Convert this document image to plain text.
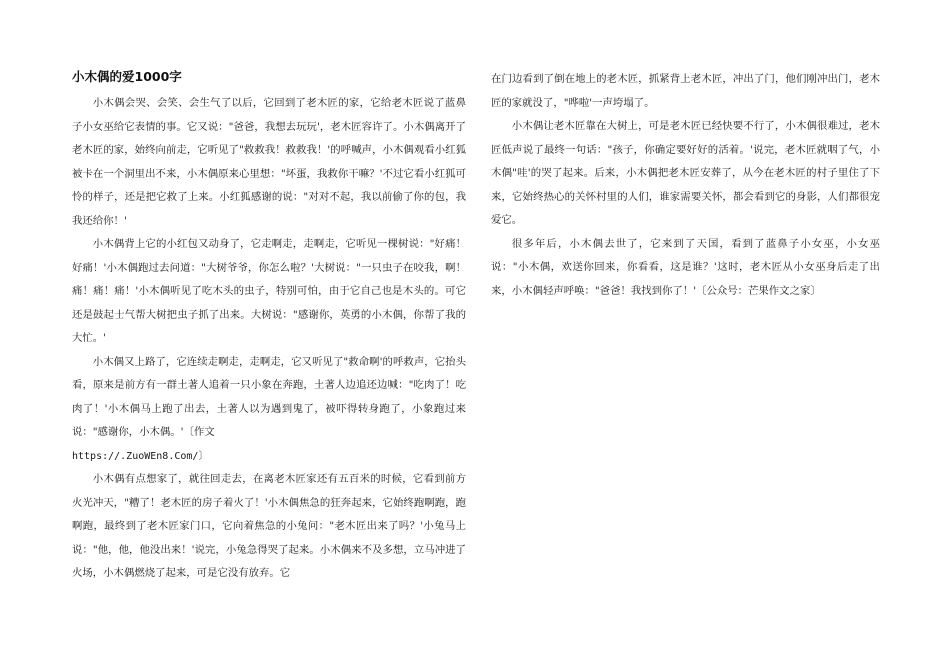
小木偶的爱1000字

小木偶会哭、会笑、会生气了以后，它回到了老木匠的家，它给老木匠说了蓝鼻子小女巫给它表情的事。它又说："爸爸，我想去玩玩'，老木匠容许了。小木偶离开了老木匠的家，始终向前走，它听见了"救救我！救救我！'的呼喊声，小木偶观看小红狐被卡在一个洞里出不来，小木偶原来心里想："坏蛋，我救你干嘛？'不过它看小红狐可怜的样子，还是把它救了上来。小红狐感谢的说："对对不起，我以前偷了你的包，我我还给你！'

小木偶背上它的小红包又动身了，它走啊走，走啊走，它听见一棵树说："好痛！好痛！'小木偶跑过去问道："大树爷爷，你怎么啦？'大树说："一只虫子在咬我，啊！痛！痛！痛！'小木偶听见了吃木头的虫子，特别可怕，由于它自己也是木头的。可它还是鼓起士气帮大树把虫子抓了出来。大树说："感谢你，英勇的小木偶，你帮了我的大忙。'

小木偶又上路了，它连续走啊走，走啊走，它又听见了"救命啊'的呼救声，它抬头看，原来是前方有一群土著人追着一只小象在奔跑，土著人边追还边喊："吃肉了！吃肉了！'小木偶马上跑了出去，土著人以为遇到鬼了，被吓得转身跑了，小象跑过来说："感谢你，小木偶。'〔作文

https://.ZuoWEn8.Com/〕

小木偶有点想家了，就往回走去，在离老木匠家还有五百米的时候，它看到前方火光冲天，"糟了！老木匠的房子着火了！'小木偶焦急的狂奔起来，它始终跑啊跑，跑啊跑，最终到了老木匠家门口，它向着焦急的小兔问："老木匠出来了吗？'小兔马上说："他，他，他没出来！'说完，小兔急得哭了起来。小木偶来不及多想，立马冲进了火场，小木偶燃烧了起来，可是它没有放弃。它

在门边看到了倒在地上的老木匠，抓紧背上老木匠，冲出了门，他们刚冲出门，老木匠的家就没了，"哗啦'一声垮塌了。

小木偶让老木匠靠在大树上，可是老木匠已经快要不行了，小木偶很难过，老木匠低声说了最终一句话："孩子，你确定要好好的活着。'说完，老木匠就咽了气，小木偶"哇'的哭了起来。后来，小木偶把老木匠安葬了，从今在老木匠的村子里住了下来，它始终热心的关怀村里的人们，谁家需要关怀，都会看到它的身影，人们都很宠爱它。

很多年后，小木偶去世了，它来到了天国，看到了蓝鼻子小女巫，小女巫说："小木偶，欢送你回来，你看看，这是谁？'这时，老木匠从小女巫身后走了出来，小木偶轻声呼唤："爸爸！我找到你了！'〔公众号：芒果作文之家〕
